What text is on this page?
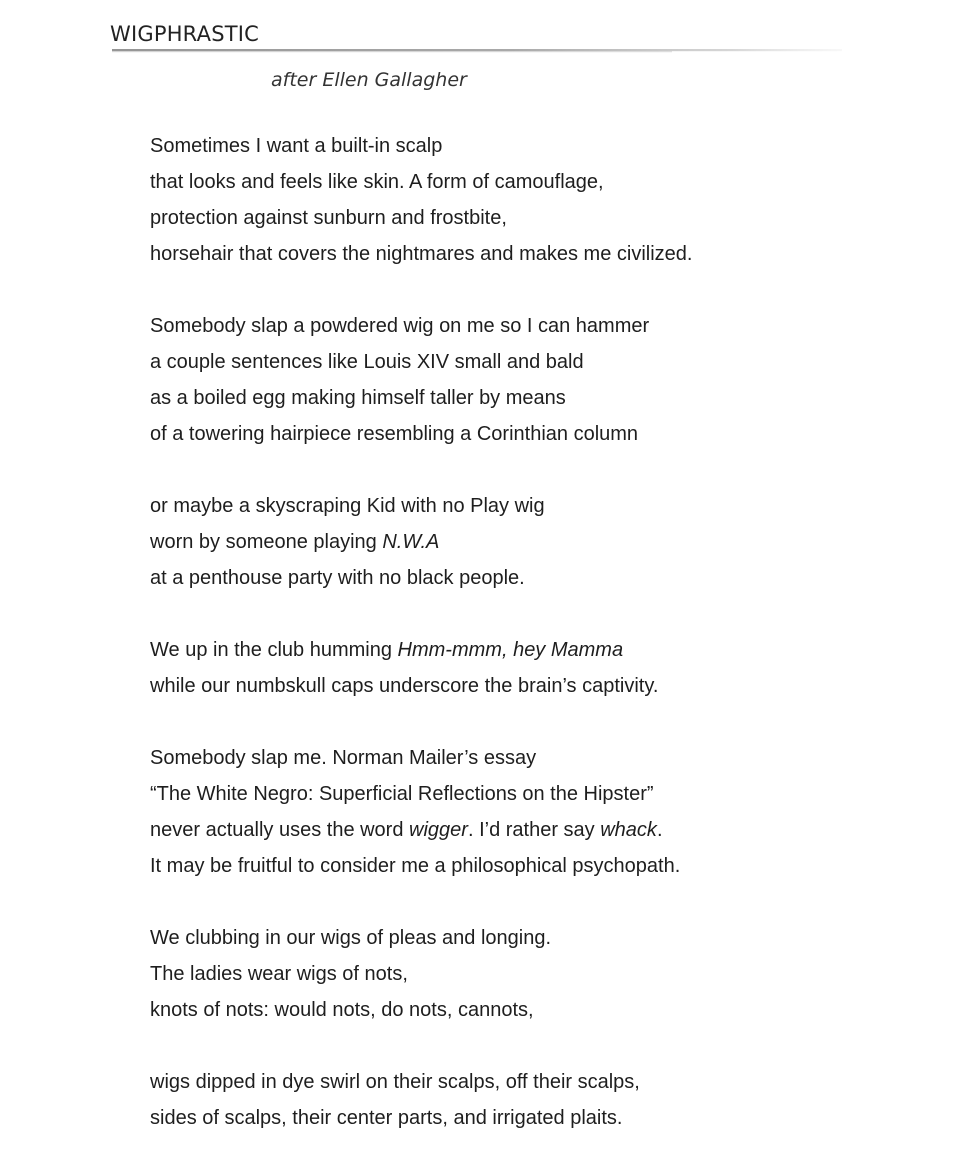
WIGPHRASTIC
after Ellen Gallagher
Sometimes I want a built-in scalp
that looks and feels like skin. A form of camouflage,
protection against sunburn and frostbite,
horsehair that covers the nightmares and makes me civilized.
Somebody slap a powdered wig on me so I can hammer
a couple sentences like Louis XIV small and bald
as a boiled egg making himself taller by means
of a towering hairpiece resembling a Corinthian column
or maybe a skyscraping Kid with no Play wig
worn by someone playing N.W.A
at a penthouse party with no black people.
We up in the club humming Hmm-mmm, hey Mamma
while our numbskull caps underscore the brain’s captivity.
Somebody slap me. Norman Mailer’s essay
“The White Negro: Superficial Reflections on the Hipster”
never actually uses the word wigger. I’d rather say whack.
It may be fruitful to consider me a philosophical psychopath.
We clubbing in our wigs of pleas and longing.
The ladies wear wigs of nots,
knots of nots: would nots, do nots, cannots,
wigs dipped in dye swirl on their scalps, off their scalps,
sides of scalps, their center parts, and irrigated plaits.
